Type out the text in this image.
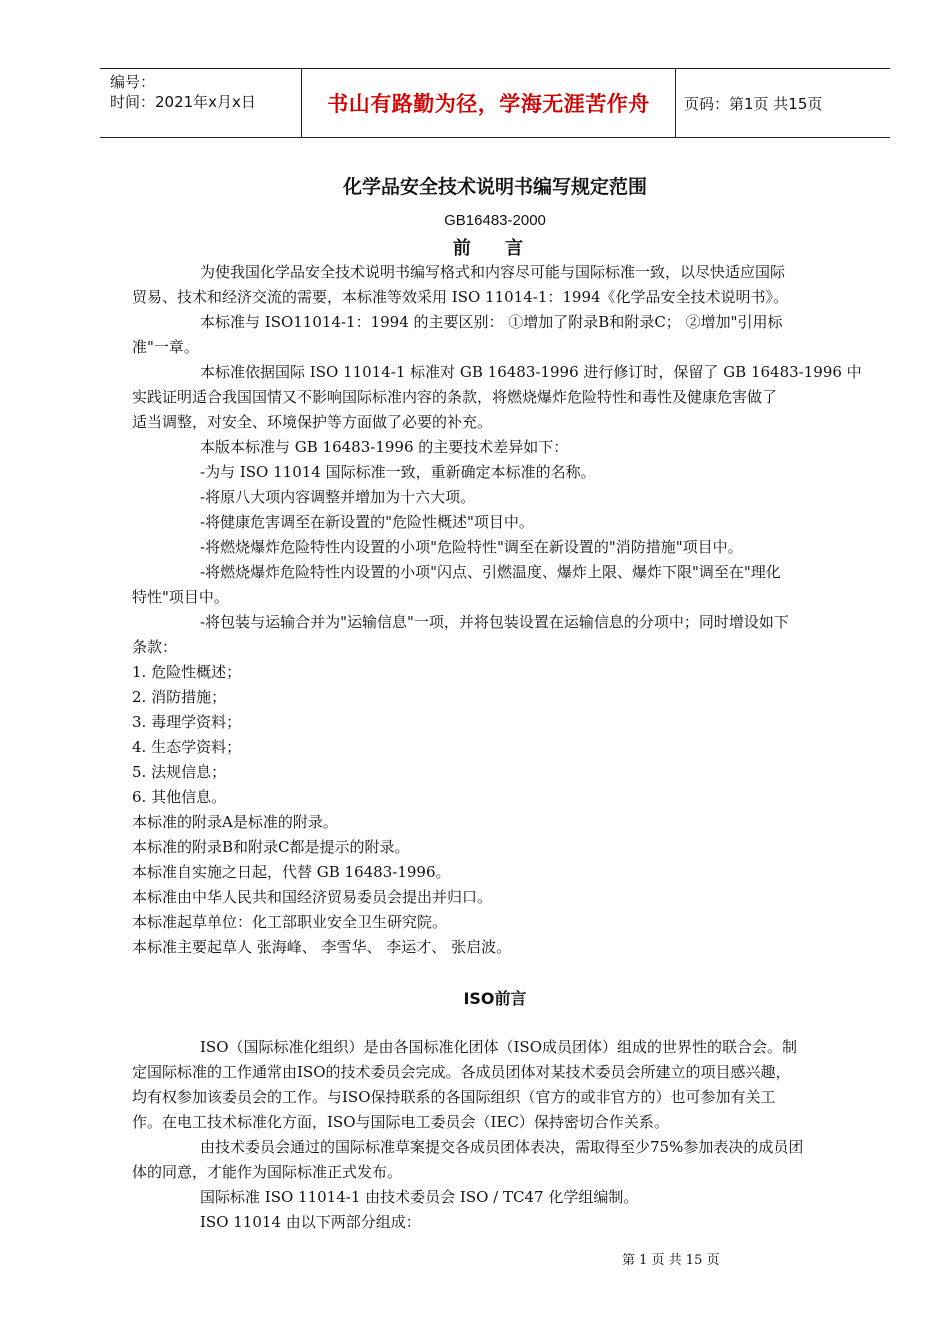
编号：
时间：2021年x月x日	书山有路勤为径，学海无涯苦作舟	页码：第1页 共15页
化学品安全技术说明书编写规定范围
GB16483-2000
前 言
为使我国化学品安全技术说明书编写格式和内容尽可能与国际标准一致，以尽快适应国际
贸易、技术和经济交流的需要，本标准等效采用 ISO 11014-1：1994《化学品安全技术说明书》。
本标准与 ISO11014-1：1994 的主要区别： ①增加了附录B和附录C； ②增加"引用标
准"一章。
本标准依据国际 ISO 11014-1 标准对 GB 16483-1996 进行修订时，保留了 GB 16483-1996 中
实践证明适合我国国情又不影响国际标准内容的条款，将燃烧爆炸危险特性和毒性及健康危害做了
适当调整，对安全、环境保护等方面做了必要的补充。
本版本标准与 GB 16483-1996 的主要技术差异如下：
-为与 ISO 11014 国际标准一致，重新确定本标准的名称。
-将原八大项内容调整并增加为十六大项。
-将健康危害调至在新设置的"危险性概述"项目中。
-将燃烧爆炸危险特性内设置的小项"危险特性"调至在新设置的"消防措施"项目中。
-将燃烧爆炸危险特性内设置的小项"闪点、引燃温度、爆炸上限、爆炸下限"调至在"理化
特性"项目中。
-将包装与运输合并为"运输信息"一项，并将包装设置在运输信息的分项中；同时增设如下
条款：
1. 危险性概述；
2. 消防措施；
3. 毒理学资料；
4. 生态学资料；
5. 法规信息；
6. 其他信息。
本标准的附录A是标准的附录。
本标准的附录B和附录C都是提示的附录。
本标准自实施之日起，代替 GB 16483-1996。
本标准由中华人民共和国经济贸易委员会提出并归口。
本标准起草单位：化工部职业安全卫生研究院。
本标准主要起草人 张海峰、 李雪华、 李运才、 张启波。
ISO前言
ISO（国际标准化组织）是由各国标准化团体（ISO成员团体）组成的世界性的联合会。制
定国际标准的工作通常由ISO的技术委员会完成。各成员团体对某技术委员会所建立的项目感兴趣，
均有权参加该委员会的工作。与ISO保持联系的各国际组织（官方的或非官方的）也可参加有关工
作。在电工技术标准化方面，ISO与国际电工委员会（IEC）保持密切合作关系。
由技术委员会通过的国际标准草案提交各成员团体表决，需取得至少75%参加表决的成员团
体的同意，才能作为国际标准正式发布。
国际标准 ISO 11014-1 由技术委员会 ISO / TC47 化学组编制。
ISO 11014 由以下两部分组成：
第 1 页 共 15 页
